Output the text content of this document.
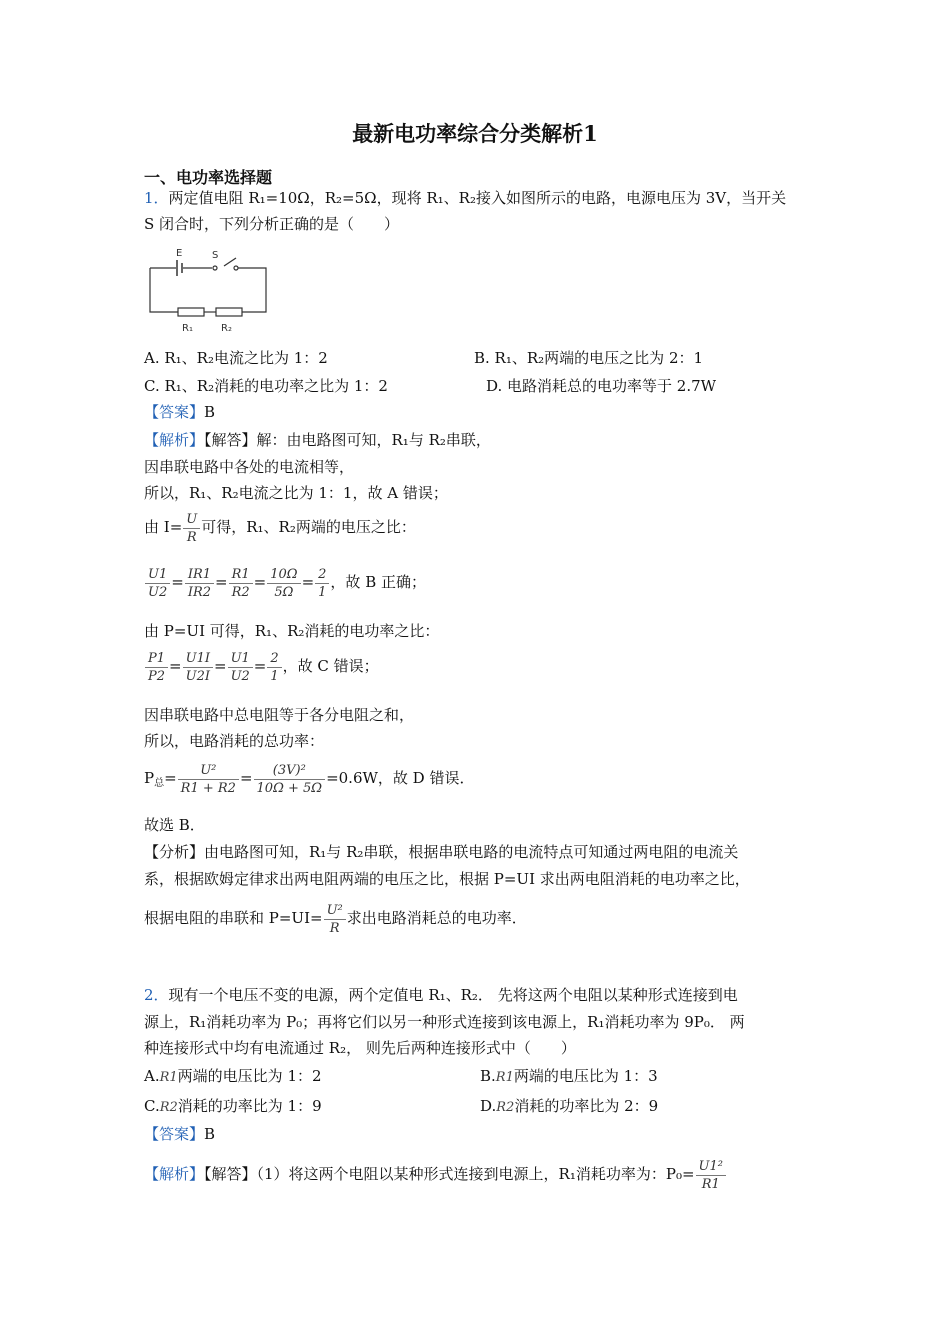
最新电功率综合分类解析1
一、电功率选择题
1．两定值电阻 R₁=10Ω，R₂=5Ω，现将 R₁、R₂接入如图所示的电路，电源电压为 3V，当开关
S 闭合时，下列分析正确的是（　　）
E	S
R₁	R₂
A. R₁、R₂电流之比为 1：2	B. R₁、R₂两端的电压之比为 2：1
C. R₁、R₂消耗的电功率之比为 1：2	D. 电路消耗总的电功率等于 2.7W
【答案】B
【解析】【解答】解：由电路图可知，R₁与 R₂串联，
因串联电路中各处的电流相等，
所以，R₁、R₂电流之比为 1：1，故 A 错误；
由 $I= \frac{U}{R}$ 可得，R₁、R₂两端的电压之比：
$\frac{U1}{U2} = \frac{IR1}{IR2} = \frac{R1}{R2} = \frac{10\Omega}{5\Omega} = \frac{2}{1}$ ，故 B 正确；
由 P=UI 可得，R₁、R₂消耗的电功率之比：
$\frac{P1}{P2} = \frac{U1I}{U2I} = \frac{U1}{U2} = \frac{2}{1}$ ，故 C 错误；
因串联电路中总电阻等于各分电阻之和，
所以，电路消耗的总功率：
$P_总= \frac{\text{U²}}{R1 + R2} = \frac{\text{(3V)²}}{10\Omega + 5\Omega} =0.6W$，故 D 错误．
故选 B．
【分析】由电路图可知，R₁与 R₂串联，根据串联电路的电流特点可知通过两电阻的电流关
系，根据欧姆定律求出两电阻两端的电压之比，根据 P=UI 求出两电阻消耗的电功率之比，
根据电阻的串联和 $P=UI= \frac{\text{U²}}{R}$ 求出电路消耗总的电功率．
2．现有一个电压不变的电源，两个定值电 R₁、R₂． 先将这两个电阻以某种形式连接到电
源上，R₁消耗功率为 P₀；再将它们以另一种形式连接到该电源上，R₁消耗功率为 9P₀． 两
种连接形式中均有电流通过 R₂， 则先后两种连接形式中（　　）
A.R1两端的电压比为 1：2	B.R1两端的电压比为 1：3
C.R2消耗的功率比为 1：9	D.R2消耗的功率比为 2：9
【答案】B
【解析】【解答】（1）将这两个电阻以某种形式连接到电源上，R₁消耗功率为：$P_0= \frac{\text{U1²}}{R1}$
